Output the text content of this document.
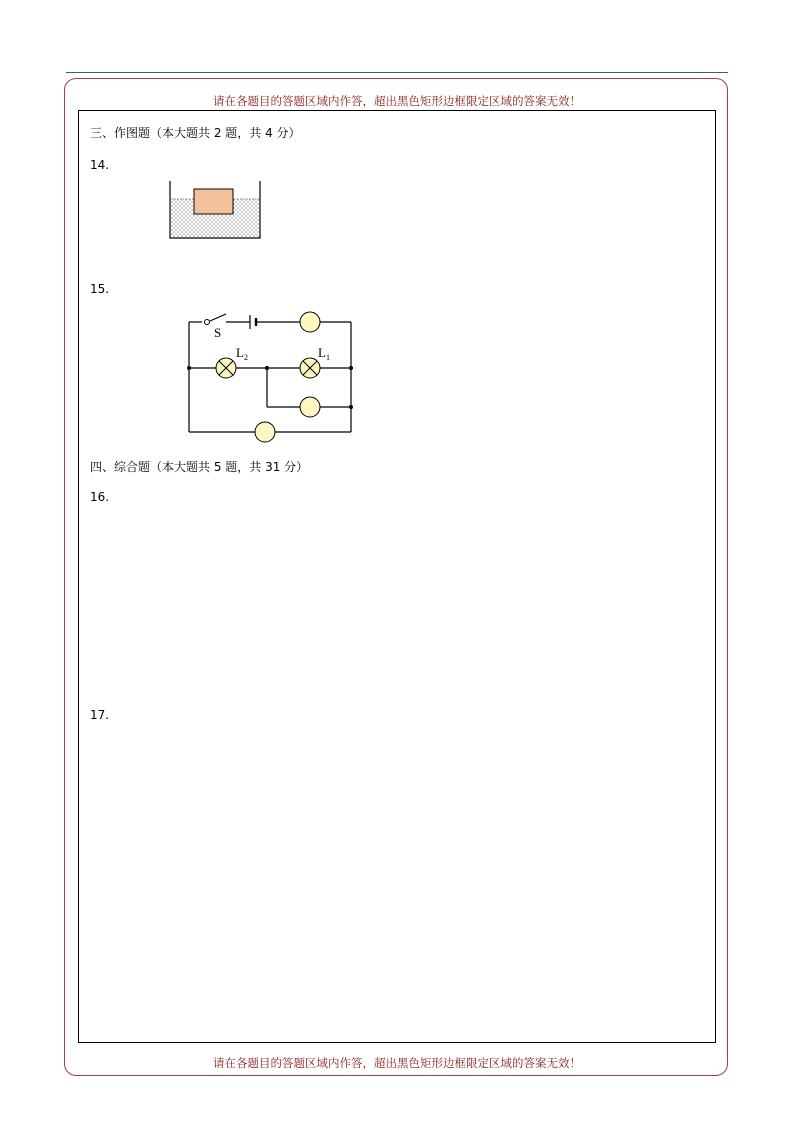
请在各题目的答题区域内作答，超出黑色矩形边框限定区域的答案无效！
三、作图题（本大题共 2 题，共 4 分）
14.
15.
S
$L_2$	$L_1$
四、综合题（本大题共 5 题，共 31 分）
16.
17.
请在各题目的答题区域内作答，超出黑色矩形边框限定区域的答案无效！
